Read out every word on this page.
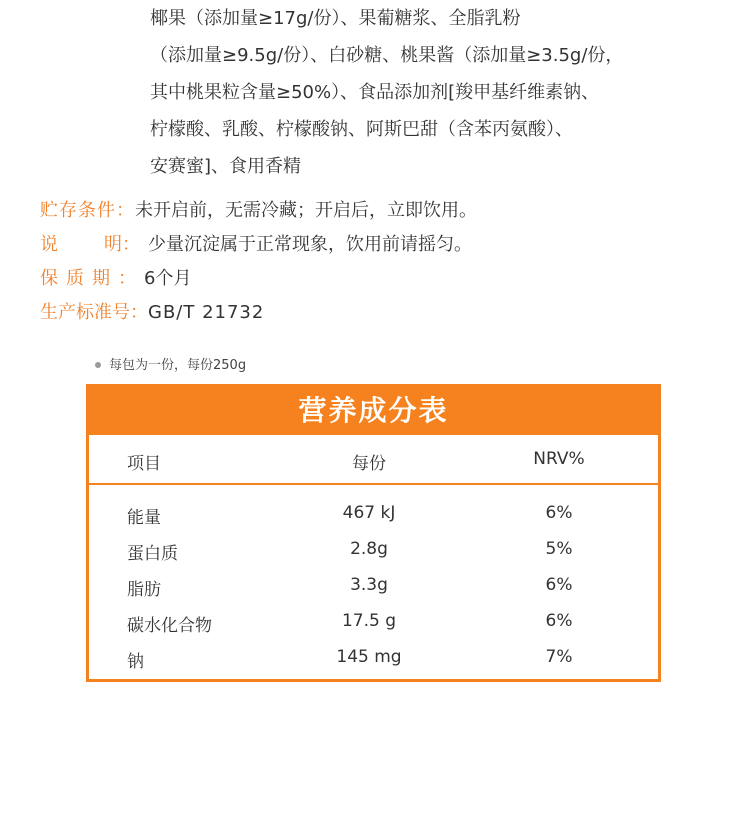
椰果（添加量≥17g/份）、果葡糖浆、全脂乳粉
（添加量≥9.5g/份）、白砂糖、桃果酱（添加量≥3.5g/份，
其中桃果粒含量≥50%）、食品添加剂[羧甲基纤维素钠、
柠檬酸、乳酸、柠檬酸钠、阿斯巴甜（含苯丙氨酸）、
安赛蜜]、食用香精
贮存条件：未开启前，无需冷藏；开启后，立即饮用。
说	明： 少量沉淀属于正常现象，饮用前请摇匀。
保质期：6个月
生产标准号：GB/T 21732
每包为一份，每份250g
营养成分表
项目	每份	NRV%
能量	467 kJ	6%
蛋白质	2.8g	5%
脂肪	3.3g	6%
碳水化合物	17.5 g	6%
钠	145 mg	7%
